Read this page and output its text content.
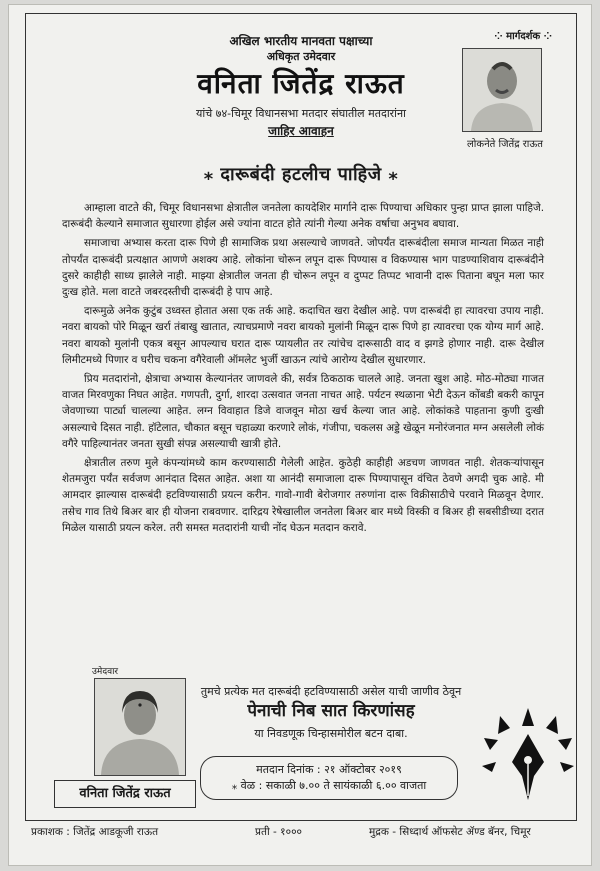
अखिल भारतीय मानवता पक्षाच्या
अधिकृत उमेदवार
वनिता जितेंद्र राऊत
यांचे ७४-चिमूर विधानसभा मतदार संघातील मतदारांना
जाहिर आवाहन
⁘ मार्गदर्शक ⁘
लोकनेते जितेंद्र राऊत
⁎ दारूबंदी हटलीच पाहिजे ⁎

आम्हाला वाटते की, चिमूर विधानसभा क्षेत्रातील जनतेला कायदेशिर मार्गाने दारू पिण्याचा अधिकार पुन्हा प्राप्त झाला पाहिजे. दारूबंदी केल्याने समाजात सुधारणा होईल असे ज्यांना वाटत होते त्यांनी गेल्या अनेक वर्षाचा अनुभव बघावा.

समाजाचा अभ्यास करता दारू पिणे ही सामाजिक प्रथा असल्याचे जाणवते. जोपर्यंत दारूबंदीला समाज मान्यता मिळत नाही तोपर्यंत दारूबंदी प्रत्यक्षात आणणे अशक्य आहे. लोकांना चोरून लपून दारू पिण्यास व विकण्यास भाग पाडण्याशिवाय दारूबंदीने दुसरे काहीही साध्य झालेले नाही. माझ्या क्षेत्रातील जनता ही चोरून लपून व दुप्पट तिप्पट भावानी दारू पिताना बघून मला फार दुःख होते. मला वाटते जबरदस्तीची दारूबंदी हे पाप आहे.

दारूमुळे अनेक कुटुंब उध्वस्त होतात असा एक तर्क आहे. कदाचित खरा देखील आहे. पण दारूबंदी हा त्यावरचा उपाय नाही. नवरा बायको पोरे मिळून खर्रा तंबाखु खातात, त्याचप्रमाणे नवरा बायको मुलांनी मिळून दारू पिणे हा त्यावरचा एक योग्य मार्ग आहे. नवरा बायको मुलांनी एकत्र बसून आपल्याच घरात दारू प्यायलीत तर त्यांचेच दारूसाठी वाद व झगडे होणार नाही. दारू देखील लिमीटमध्ये पिणार व घरीच चकना वगैरेवाली ऑमलेट भुर्जी खाऊन त्यांचे आरोग्य देखील सुधारणार.

प्रिय मतदारांनो, क्षेत्राचा अभ्यास केल्यानंतर जाणवले की, सर्वत्र ठिकठाक चालले आहे. जनता खुश आहे. मोठ-मोठ्या गाजत वाजत मिरवणुका निघत आहेत. गणपती, दुर्गा, शारदा उत्सवात जनता नाचत आहे. पर्यटन स्थळाना भेटी देऊन कोंबडी बकरी कापून जेवणाच्या पार्ट्या चालल्या आहेत. लग्न विवाहात डिजे वाजवून मोठा खर्च केल्या जात आहे. लोकांकडे पाहताना कुणी दुःखी असल्याचे दिसत नाही. हॉटेलात, चौकात बसून चहाळ्या करणारे लोकं, गंजीपा, चकलस अड्डे खेळून मनोरंजनात मग्न असलेली लोकं वगैरे पाहिल्यानंतर जनता सुखी संपन्न असल्याची खात्री होते.

क्षेत्रातील तरुण मुले कंपन्यांमध्ये काम करण्यासाठी गेलेली आहेत. कुठेही काहीही अडचण जाणवत नाही. शेतकऱ्यांपासून शेतमजुरा पर्यंत सर्वजण आनंदात दिसत आहेत. अशा या आनंदी समाजाला दारू पिण्यापासून वंचित ठेवणे अगदी चुक आहे. मी आमदार झाल्यास दारूबंदी हटविण्यासाठी प्रयत्न करीन. गावो-गावी बेरोजगार तरुणांना दारू विक्रीसाठीचे परवाने मिळवून देणार. तसेच गाव तिथे बिअर बार ही योजना राबवणार. दारिद्रय रेषेखालील जनतेला बिअर बार मध्ये विस्की व बिअर ही सबसीडीच्या दरात मिळेल यासाठी प्रयत्न करेल. तरी समस्त मतदारांनी याची नोंद घेऊन मतदान करावे.

उमेदवार
वनिता जितेंद्र राऊत
तुमचे प्रत्येक मत दारूबंदी हटविण्यासाठी असेल याची जाणीव ठेवून
पेनाची निब सात किरणांसह
या निवडणूक चिन्हासमोरील बटन दाबा.
मतदान दिनांक : २१ ऑक्टोबर २०१९
⁎ वेळ : सकाळी ७.०० ते सायंकाळी ६.०० वाजता
प्रकाशक : जितेंद्र आडकूजी राऊत	प्रती - १०००	मुद्रक - सिध्दार्थ ऑफसेट ॲण्ड बॅनर, चिमूर
